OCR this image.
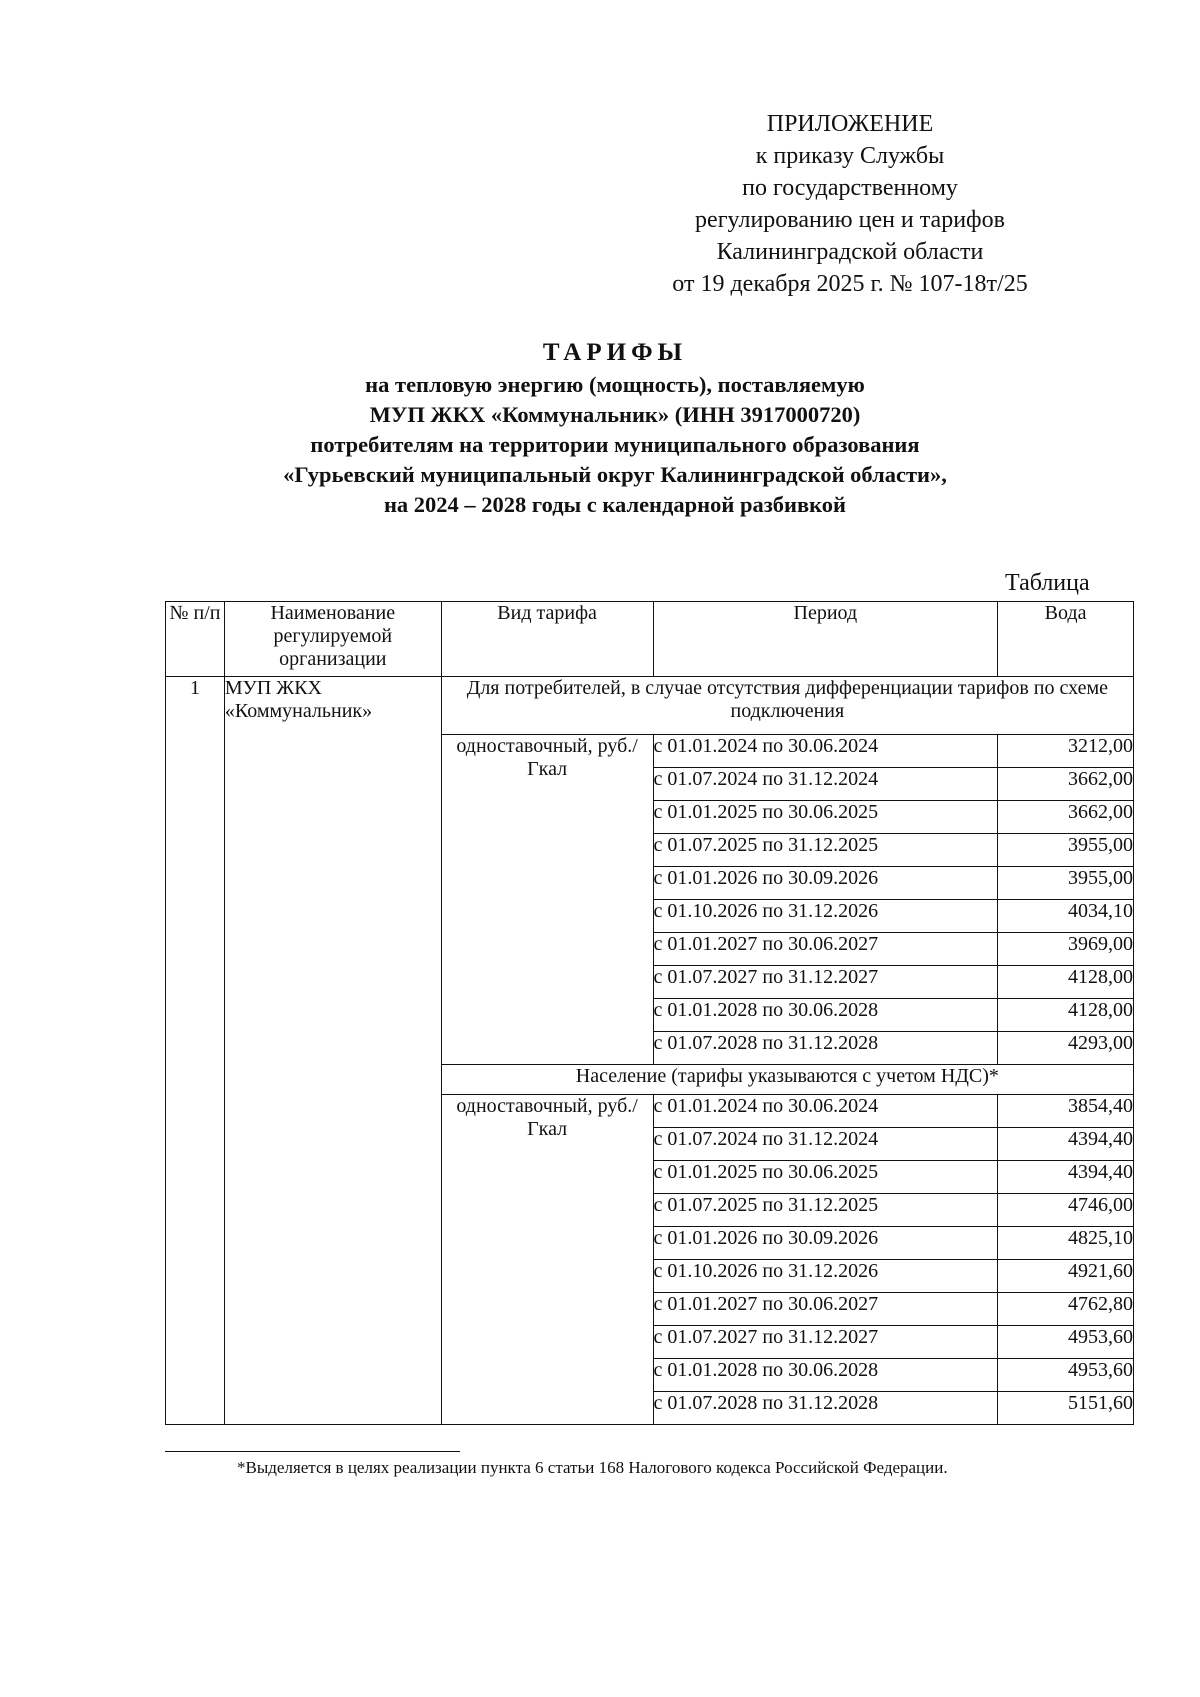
ПРИЛОЖЕНИЕ
к приказу Службы
по государственному
регулированию цен и тарифов
Калининградской области
от 19 декабря 2025 г. № 107-18т/25
ТАРИФЫ
на тепловую энергию (мощность), поставляемую
МУП ЖКХ «Коммунальник» (ИНН 3917000720)
потребителям на территории муниципального образования
«Гурьевский муниципальный округ Калининградской области»,
на 2024 – 2028 годы с календарной разбивкой
Таблица
№ п/п	Наименование регулируемой организации	Вид тарифа	Период	Вода
1	МУП ЖКХ «Коммунальник»	Для потребителей, в случае отсутствия дифференциации тарифов по схеме подключения		
		одноставочный, руб./Гкал	с 01.01.2024 по 30.06.2024	3212,00
			с 01.07.2024 по 31.12.2024	3662,00
			с 01.01.2025 по 30.06.2025	3662,00
			с 01.07.2025 по 31.12.2025	3955,00
			с 01.01.2026 по 30.09.2026	3955,00
			с 01.10.2026 по 31.12.2026	4034,10
			с 01.01.2027 по 30.06.2027	3969,00
			с 01.07.2027 по 31.12.2027	4128,00
			с 01.01.2028 по 30.06.2028	4128,00
			с 01.07.2028 по 31.12.2028	4293,00
		Население (тарифы указываются с учетом НДС)*		
		одноставочный, руб./Гкал	с 01.01.2024 по 30.06.2024	3854,40
			с 01.07.2024 по 31.12.2024	4394,40
			с 01.01.2025 по 30.06.2025	4394,40
			с 01.07.2025 по 31.12.2025	4746,00
			с 01.01.2026 по 30.09.2026	4825,10
			с 01.10.2026 по 31.12.2026	4921,60
			с 01.01.2027 по 30.06.2027	4762,80
			с 01.07.2027 по 31.12.2027	4953,60
			с 01.01.2028 по 30.06.2028	4953,60
			с 01.07.2028 по 31.12.2028	5151,60
*Выделяется в целях реализации пункта 6 статьи 168 Налогового кодекса Российской Федерации.
